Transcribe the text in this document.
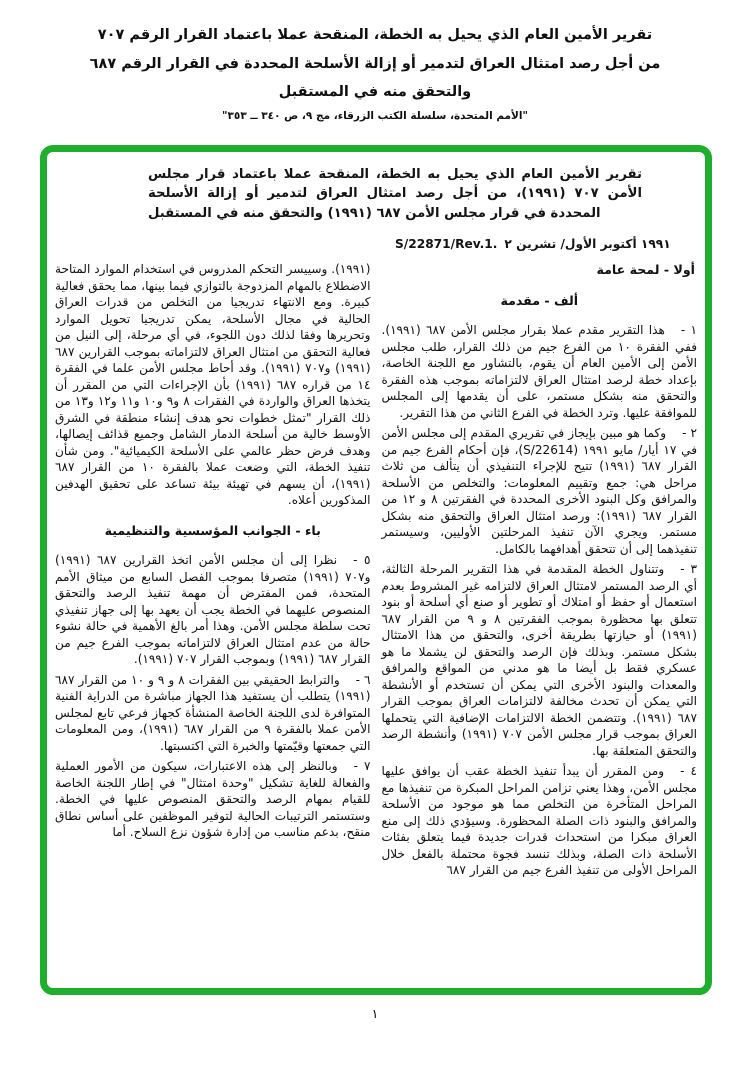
تقرير الأمين العام الذي يحيل به الخطة، المنقحة عملا باعتماد القرار الرقم ٧٠٧
من أجل رصد امتثال العراق لتدمير أو إزالة الأسلحة المحددة في القرار الرقم ٦٨٧
والتحقق منه في المستقبل
"الأمم المتحدة، سلسلة الكتب الزرقاء، مج ٩، ص ٣٤٠ ــ ٣٥٣"
تقرير الأمين العام الذي يحيل به الخطة، المنقحة عملا باعتماد قرار مجلس الأمن ٧٠٧ (١٩٩١)، من أجل رصد امتثال العراق لتدمير أو إزالة الأسلحة المحددة في قرار مجلس الأمن ٦٨٧ (١٩٩١) والتحقق منه في المستقبل
S/22871/Rev.1. ٢ تشرين الأول/ أكتوبر ١٩٩١
أولا - لمحة عامة
ألف - مقدمة

١ -هذا التقرير مقدم عملا بقرار مجلس الأمن ٦٨٧ (١٩٩١). ففي الفقرة ١٠ من الفرع جيم من ذلك القرار، طلب مجلس الأمن إلى الأمين العام أن يقوم، بالتشاور مع اللجنة الخاصة، بإعداد خطة لرصد امتثال العراق لالتزاماته بموجب هذه الفقرة والتحقق منه بشكل مستمر، على أن يقدمها إلى المجلس للموافقة عليها. وترد الخطة في الفرع الثاني من هذا التقرير.

٢ -وكما هو مبين بإيجاز في تقريري المقدم إلى مجلس الأمن في ١٧ أيار/ مايو ١٩٩١ (S/22614)، فإن أحكام الفرع جيم من القرار ٦٨٧ (١٩٩١) تتيح للإجراء التنفيذي أن يتألف من ثلاث مراحل هي: جمع وتقييم المعلومات: والتخلص من الأسلحة والمرافق وكل البنود الأخرى المحددة في الفقرتين ٨ و ١٢ من القرار ٦٨٧ (١٩٩١): ورصد امتثال العراق والتحقق منه بشكل مستمر. ويجري الآن تنفيذ المرحلتين الأوليين، وسيستمر تنفيذهما إلى أن تتحقق أهدافهما بالكامل.

٣ -وتتناول الخطة المقدمة في هذا التقرير المرحلة الثالثة، أي الرصد المستمر لامتثال العراق لالتزامه غير المشروط بعدم استعمال أو حفظ أو امتلاك أو تطوير أو صنع أي أسلحة أو بنود تتعلق بها محظورة بموجب الفقرتين ٨ و ٩ من القرار ٦٨٧ (١٩٩١) أو حيازتها بطريقة أخرى، والتحقق من هذا الامتثال بشكل مستمر. وبذلك فإن الرصد والتحقق لن يشملا ما هو عسكري فقط بل أيضا ما هو مدني من المواقع والمرافق والمعدات والبنود الأخرى التي يمكن أن تستخدم أو الأنشطة التي يمكن أن تحدث مخالفة لالتزامات العراق بموجب القرار ٦٨٧ (١٩٩١). وتتضمن الخطة الالتزامات الإضافية التي يتحملها العراق بموجب قرار مجلس الأمن ٧٠٧ (١٩٩١) وأنشطة الرصد والتحقق المتعلقة بها.

٤ -ومن المقرر أن يبدأ تنفيذ الخطة عقب أن يوافق عليها مجلس الأمن، وهذا يعني تزامن المراحل المبكرة من تنفيذها مع المراحل المتأخرة من التخلص مما هو موجود من الأسلحة والمرافق والبنود ذات الصلة المحظورة. وسيؤدي ذلك إلى منع العراق مبكرا من استحداث قدرات جديدة فيما يتعلق بفئات الأسلحة ذات الصلة، وبذلك تنسد فجوة محتملة بالفعل خلال المراحل الأولى من تنفيذ الفرع جيم من القرار ٦٨٧

(١٩٩١). وسييسر التحكم المدروس في استخدام الموارد المتاحة الاضطلاع بالمهام المزدوجة بالتوازي فيما بينها، مما يحقق فعالية كبيرة. ومع الانتهاء تدريجيا من التخلص من قدرات العراق الحالية في مجال الأسلحة، يمكن تدريجيا تحويل الموارد وتحريرها وفقا لذلك دون اللجوء، في أي مرحلة، إلى النيل من فعالية التحقق من امتثال العراق لالتزاماته بموجب القرارين ٦٨٧ (١٩٩١) و٧٠٧ (١٩٩١). وقد أحاط مجلس الأمن علما في الفقرة ١٤ من قراره ٦٨٧ (١٩٩١) بأن الإجراءات التي من المقرر أن يتخذها العراق والواردة في الفقرات ٨ و٩ و١٠ و١١ و١٢ و١٣ من ذلك القرار "تمثل خطوات نحو هدف إنشاء منطقة في الشرق الأوسط خالية من أسلحة الدمار الشامل وجميع قذائف إيصالها، وهدف فرض حظر عالمي على الأسلحة الكيميائية". ومن شأن تنفيذ الخطة، التي وضعت عملا بالفقرة ١٠ من القرار ٦٨٧ (١٩٩١)، أن يسهم في تهيئة بيئة تساعد على تحقيق الهدفين المذكورين أعلاه.

باء - الجوانب المؤسسية والتنظيمية

٥ -نظرا إلى أن مجلس الأمن اتخذ القرارين ٦٨٧ (١٩٩١) و٧٠٧ (١٩٩١) متصرفا بموجب الفصل السابع من ميثاق الأمم المتحدة، فمن المفترض أن مهمة تنفيذ الرصد والتحقق المنصوص عليهما في الخطة يجب أن يعهد بها إلى جهاز تنفيذي تحت سلطة مجلس الأمن. وهذا أمر بالغ الأهمية في حالة نشوء حالة من عدم امتثال العراق لالتزاماته بموجب الفرع جيم من القرار ٦٨٧ (١٩٩١) وبموجب القرار ٧٠٧ (١٩٩١).

٦ -والترابط الحقيقي بين الفقرات ٨ و ٩ و ١٠ من القرار ٦٨٧ (١٩٩١) يتطلب أن يستفيد هذا الجهاز مباشرة من الدراية الفنية المتوافرة لدى اللجنة الخاصة المنشأة كجهاز فرعي تابع لمجلس الأمن عملا بالفقرة ٩ من القرار ٦٨٧ (١٩٩١)، ومن المعلومات التي جمعتها وقيّمتها والخبرة التي اكتسبتها.

٧ -وبالنظر إلى هذه الاعتبارات، سيكون من الأمور العملية والفعالة للغاية تشكيل "وحدة امتثال" في إطار اللجنة الخاصة للقيام بمهام الرصد والتحقق المنصوص عليها في الخطة. وستستمر الترتيبات الحالية لتوفير الموظفين على أساس نطاق منقح، بدعم مناسب من إدارة شؤون نزع السلاح. أما

١
